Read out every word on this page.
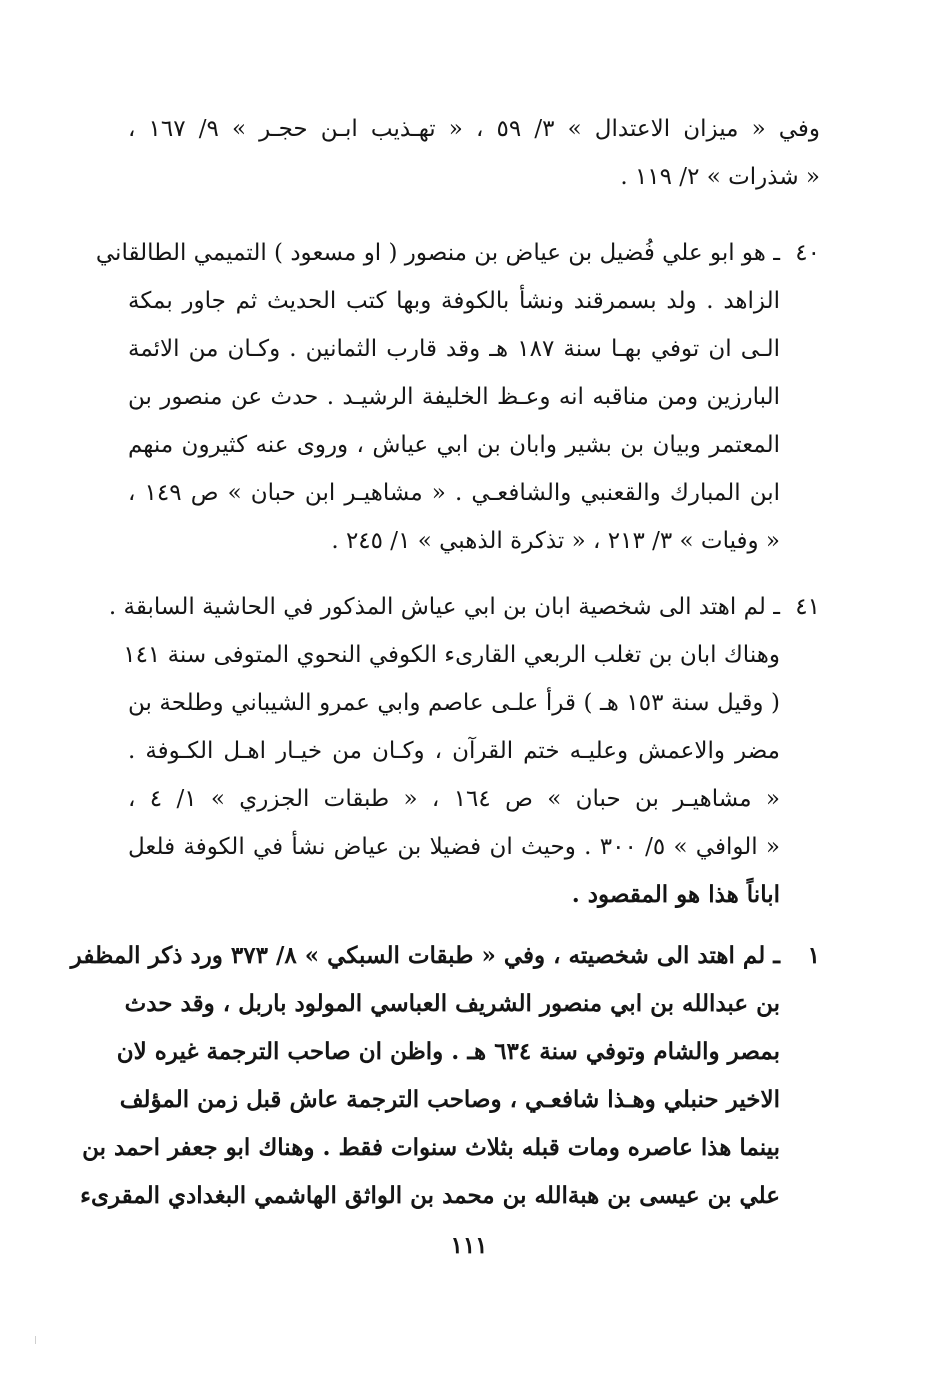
وفي « ميزان الاعتدال » ٣/ ٥٩ ، « تهـذيب ابـن حجـر » ٩/ ١٦٧ ،
« شذرات » ٢/ ١١٩ .
٤٠
ـ هو ابو علي فُضيل بن عياض بن منصور ( او مسعود ) التميمي الطالقاني
الزاهد . ولد بسمرقند ونشأ بالكوفة وبها كتب الحديث ثم جاور بمكة
الـى ان توفي بهـا سنة ١٨٧ هـ وقد قارب الثمانين . وكـان من الائمة
البارزين ومن مناقبه انه وعـظ الخليفة الرشيـد . حدث عن منصور بن
المعتمر وبيان بن بشير وابان بن ابي عياش ، وروى عنه كثيرون منهم
ابن المبارك والقعنبي والشافعـي . « مشاهيـر ابن حبان » ص ١٤٩ ،
« وفيات » ٣/ ٢١٣ ، « تذكرة الذهبي » ١/ ٢٤٥ .
٤١
ـ لم اهتد الى شخصية ابان بن ابي عياش المذكور في الحاشية السابقة .
وهناك ابان بن تغلب الربعي القارىء الكوفي النحوي المتوفى سنة ١٤١
( وقيل سنة ١٥٣ هـ ) قرأ علـى عاصم وابي عمرو الشيباني وطلحة بن
مضر والاعمش وعليـه ختم القرآن ، وكـان من خيـار اهـل الكـوفة .
« مشاهيـر بن حبان » ص ١٦٤ ، « طبقات الجزري » ١/ ٤ ،
« الوافي » ٥/ ٣٠٠ . وحيث ان فضيلا بن عياض نشأ في الكوفة فلعل
اباناً هذا هو المقصود .
١
ـ لم اهتد الى شخصيته ، وفي « طبقات السبكي » ٨/ ٣٧٣ ورد ذكر المظفر
بن عبدالله بن ابي منصور الشريف العباسي المولود باربل ، وقد حدث
بمصر والشام وتوفي سنة ٦٣٤ هـ . واظن ان صاحب الترجمة غيره لان
الاخير حنبلي وهـذا شافعـي ، وصاحب الترجمة عاش قبل زمن المؤلف
بينما هذا عاصره ومات قبله بثلاث سنوات فقط . وهناك ابو جعفر احمد بن
علي بن عيسى بن هبةالله بن محمد بن الواثق الهاشمي البغدادي المقرىء
١١١
